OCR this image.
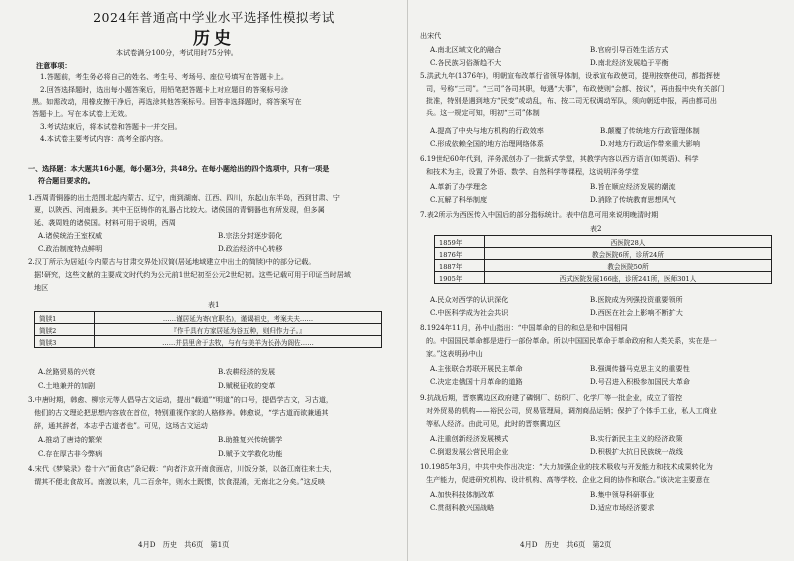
2024年普通高中学业水平选择性模拟考试
历史
本试卷满分100分，考试用时75分钟。
注意事项：
1.答题前，考生务必将自己的姓名、考生号、考场号、座位号填写在答题卡上。
2.回答选择题时，选出每小题答案后，用铅笔把答题卡上对应题目的答案标号涂
黑。如需改动，用橡皮擦干净后，再选涂其他答案标号。回答非选择题时，将答案写在
答题卡上。写在本试卷上无效。
3.考试结束后，将本试卷和答题卡一并交回。
4.本试卷主要考试内容：高考全部内容。
一、选择题：本大题共16小题，每小题3分，共48分。在每小题给出的四个选项中，只有一项是
符合题目要求的。
1.西周青铜器的出土范围北起内蒙古、辽宁，南到湖南、江西、四川，东起山东半岛，西到甘肃、宁
夏，以陕西、河南最多。其中王臣铸作的礼器占比较大。诸侯国的青铜器也有所发现，但多属
延、袭周姓的诸侯国。材料可用于说明，西周
A.诸侯统治王室权威	B.宗法分封逐步弱化
C.政治制度特点鲜明	D.政治经济中心转移
2.汉丁所示为居延(今内蒙古与甘肃交界处)汉简(居延地域建立中出土的简牍)中的部分记载。
据!研究，这些文献的主要成文时代约为公元前1世纪初至公元2世纪初。这些记载可用于印证当时居域
地区
表1
简牍1	……谨居延为寄(官职名)，谨谒祖史，考案夫夫……
简牍2	『作千具有方家居延为谷五种，则归作力子。』
简牍3	……并县里舍于去牧，与有与美羊为长孙为阁佐……
A.丝路贸易的兴衰	B.农耕经济的发展
C.土地兼并的加剧	D.赋税征收的变革
3.中唐时期，韩愈、柳宗元等人倡导古文运动，提出“载道”“明道”的口号，提倡学古文，习古道，
他们的古文理论把思想内容放在首位，特别重视作家的人格修养。韩愈说，“学古道而欲兼通其
辞，通其辞者，本志乎古道者也”。可见，这场古文运动
A.推动了唐诗的繁荣	B.助推复兴传统儒学
C.存在厚古非今弊病	D.赋予文学救化功能
4.宋代《梦粱录》卷十六“面食店”条记载：“向者汴京开南食面店，川饭分茶，以备江南往来士夫，
谓其不便北食故耳。南渡以来，几二百余年，则水土既惯，饮食混淆，无南北之分矣。”这反映
4月D　历史　共6页　第1页
出宋代
A.南北区域文化的融合	B.官府引导百姓生活方式
C.各民族习俗渐趋不大	D.南北经济发展趋于平衡
5.洪武九年(1376年)，明朝宣布改革行省领导体制，设承宣布政使司，提刑按察使司，都指挥使
司，号称“三司”。“三司”各司其职，每遇“大事”，布政使则“会都、按议”，再由报中央有关部门
批准，特别是遇到地方“民变”或动乱，布、按二司无权调动军队，须向朝廷申报，再由都司出
兵。这一规定可知，明初“三司”体制
A.提高了中央与地方机构的行政效率	B.颠覆了传统地方行政管理体制
C.形成依赖全国的地方治理网络体系	D.对地方行政运作带来重大影响
6.19世纪60年代到，洋务派创办了一批新式学堂，其教学内容以西方语言(如英语)、科学
和技术为主，设置了外语、数学、自然科学等课程，这说明洋务学堂
A.革新了办学理念	B.旨在顺应经济发展的潮流
C.瓦解了科举制度	D.消除了传统教育思想风气
7.表2所示为西医传入中国后的部分指标统计。表中信息可用来说明晚清时期
表2
1859年	西医院28人
1876年	教会医院6所，诊所24所
1887年	教会医院50所
1905年	西式医院发展166座，诊所241所，医师301人
A.民众对西学的认识深化	B.医院成为列强投资重要领所
C.中医科学成为社会共识	D.西医在社会上影响不断扩大
8.1924年11月，孙中山指出：“中国革命的目的和总是和中国相同
的。中国国民革命都是进行一部份革命。所以中国国民革命于革命政府和人类关系，实在是一
家。”这表明孙中山
A.主张联合苏联开展民主革命	B.强调传播马克思主义的重要性
C.决定走俄国十月革命的道路	D.号召进入积极参加国民大革命
9.抗战后期，晋察冀边区政府建了磷钢厂、纺织厂、化学厂等一批企业，成立了管控
对外贸易的机构——裕民公司，贸易管理局，调剂商品运销；保护了个体手工业，私人工商业
等私人经济。由此可见，此时的晋察冀边区
A.注重创新经济发展模式	B.实行新民主主义的经济政策
C.倒退发展公营民用企业	D.积极扩大抗日民族统一战线
10.1985年3月，中共中央作出决定：“大力加强企业的技术吸收与开发能力和技术成果转化为
生产能力，促进研究机构、设计机构、高等学校、企业之间的协作和联合。”该决定主要意在
A.加快科技体制改革	B.集中领导科研事业
C.贯彻科教兴国战略	D.适应市场经济要求
4月D　历史　共6页　第2页
